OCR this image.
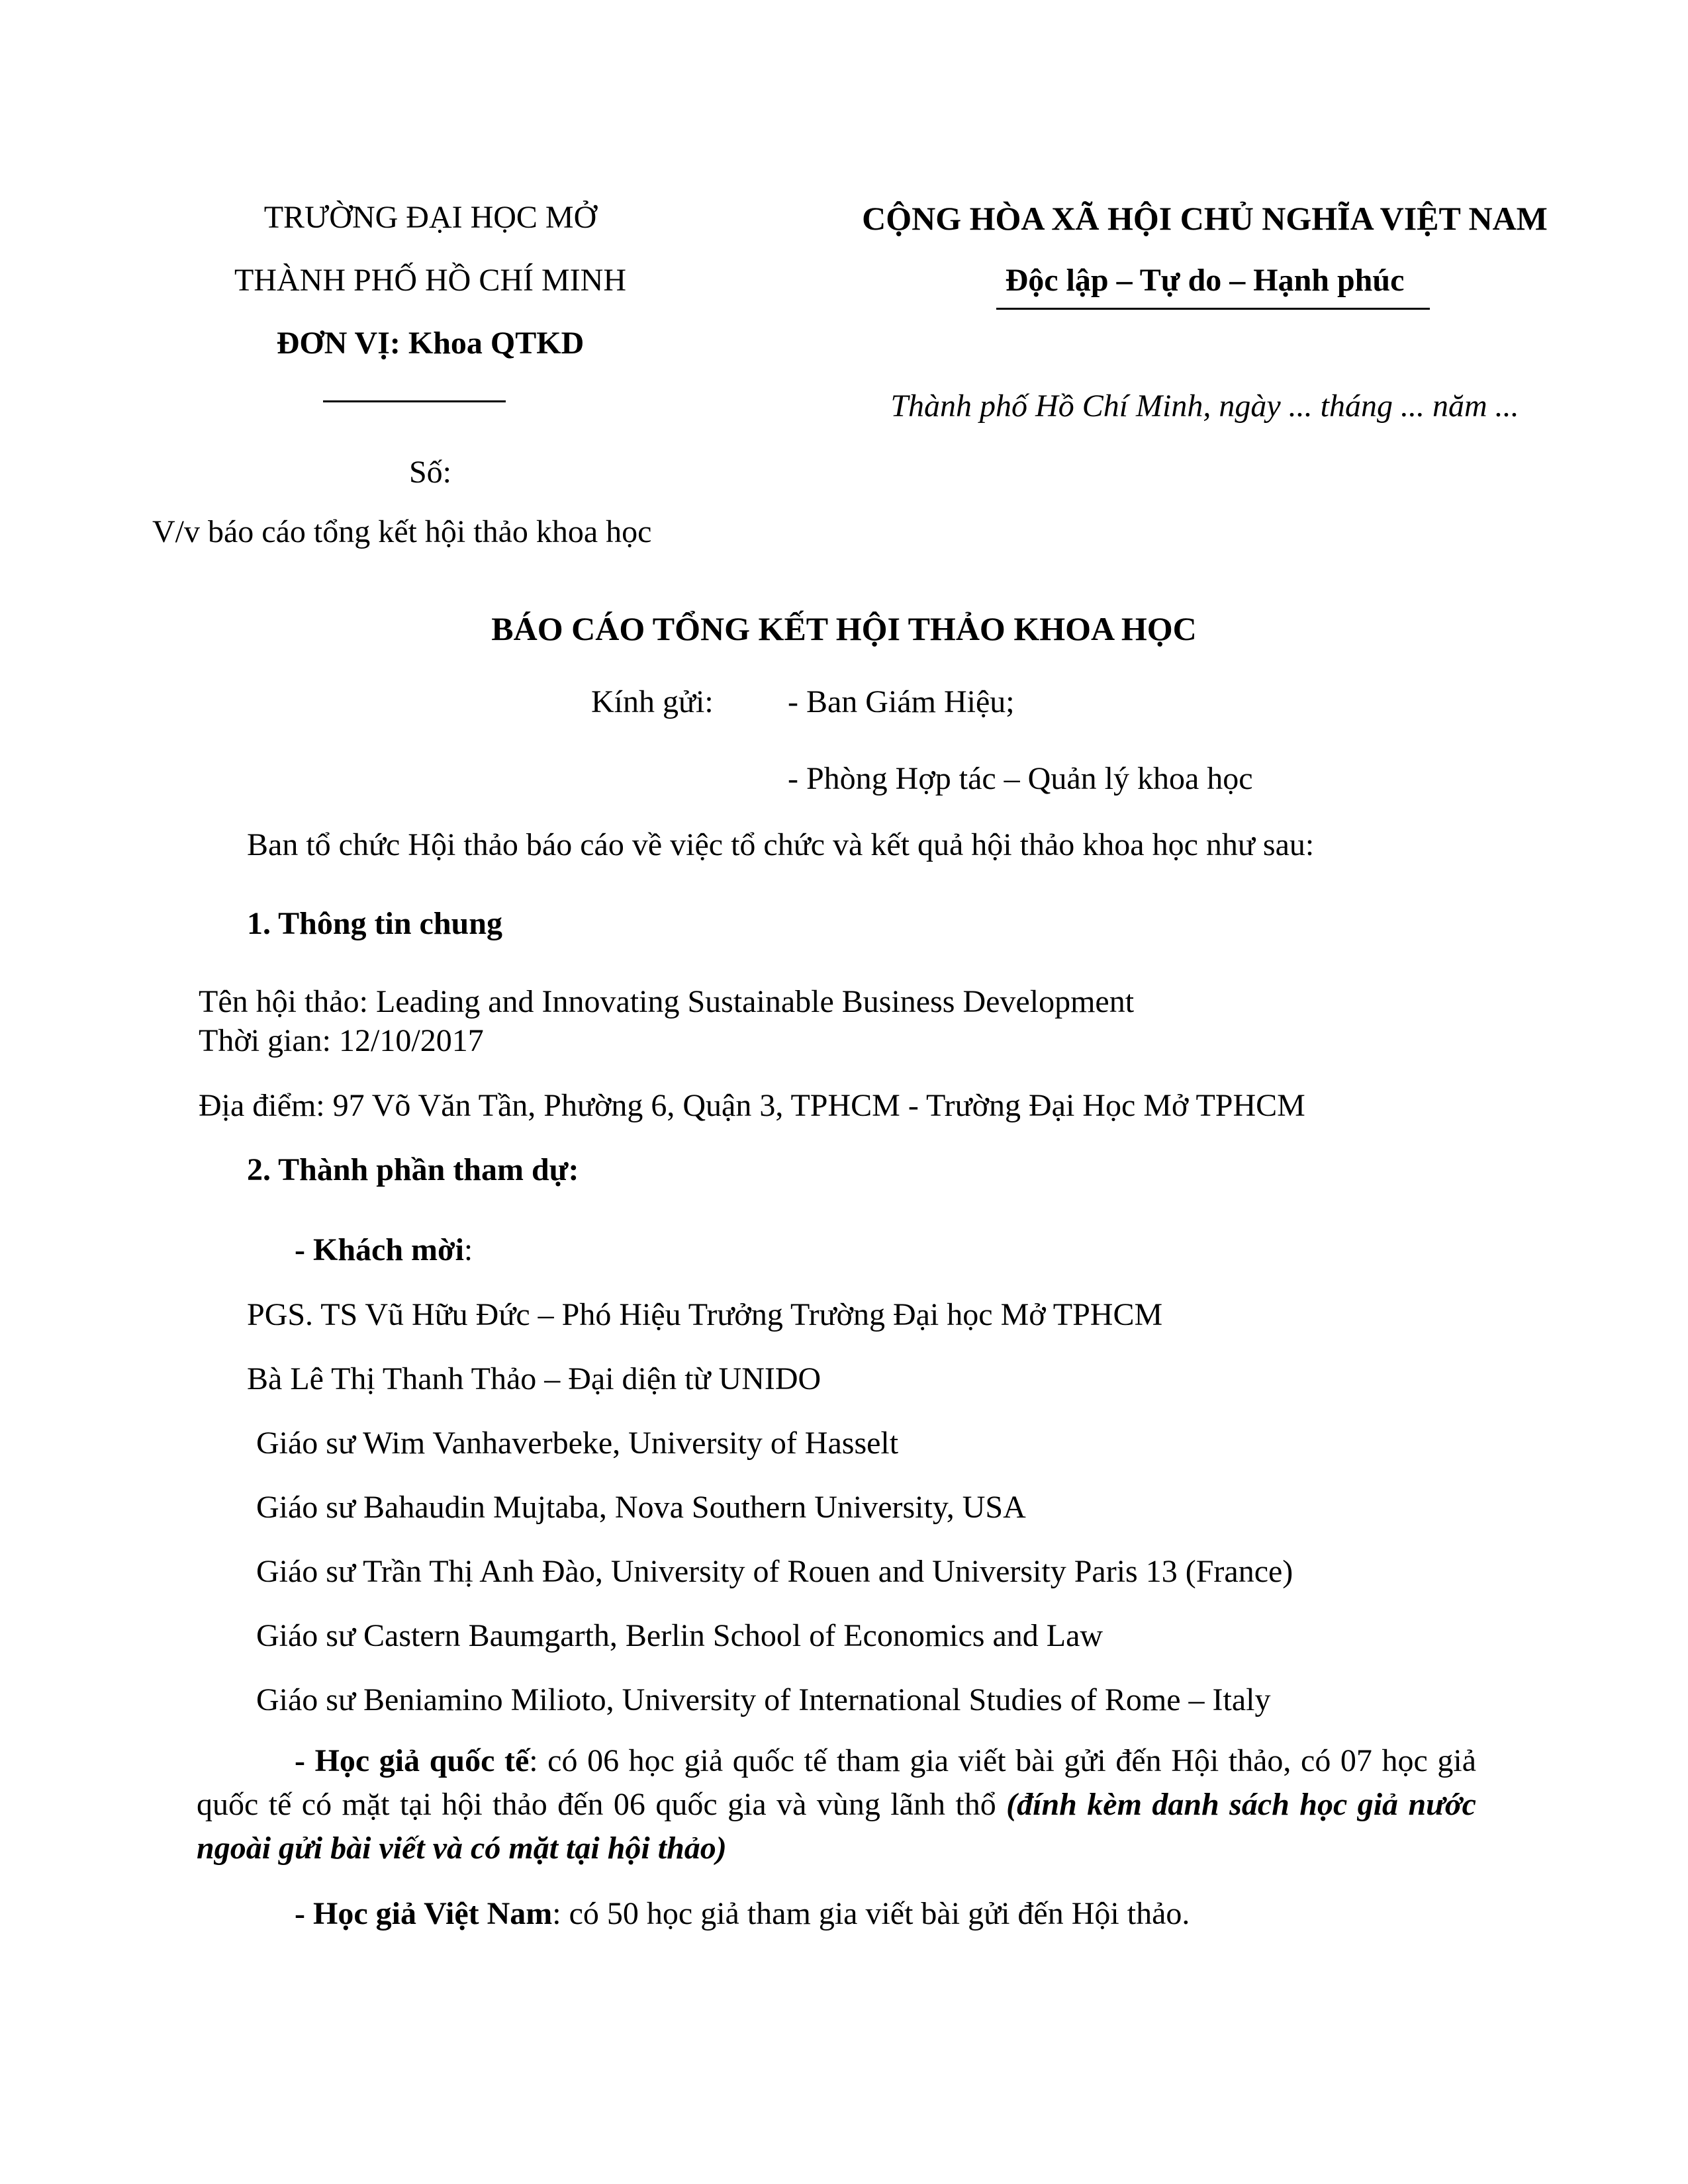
TRƯỜNG ĐẠI HỌC MỞ
THÀNH PHỐ HỒ CHÍ MINH
ĐƠN VỊ: Khoa QTKD
Số:
V/v báo cáo tổng kết hội thảo khoa học
CỘNG HÒA XÃ HỘI CHỦ NGHĨA VIỆT NAM
Độc lập – Tự do – Hạnh phúc
Thành phố Hồ Chí Minh, ngày ... tháng ... năm ...
BÁO CÁO TỔNG KẾT HỘI THẢO KHOA HỌC
Kính gửi: - Ban Giám Hiệu;
- Phòng Hợp tác – Quản lý khoa học
Ban tổ chức Hội thảo báo cáo về việc tổ chức và kết quả hội thảo khoa học như sau:
1. Thông tin chung
Tên hội thảo: Leading and Innovating Sustainable Business Development
Thời gian: 12/10/2017
Địa điểm: 97 Võ Văn Tần, Phường 6, Quận 3, TPHCM - Trường Đại Học Mở TPHCM
2. Thành phần tham dự:
- Khách mời:
PGS. TS Vũ Hữu Đức – Phó Hiệu Trưởng Trường Đại học Mở TPHCM
Bà Lê Thị Thanh Thảo – Đại diện từ UNIDO
Giáo sư Wim Vanhaverbeke, University of Hasselt
Giáo sư Bahaudin Mujtaba, Nova Southern University, USA
Giáo sư Trần Thị Anh Đào, University of Rouen and University Paris 13 (France)
Giáo sư Castern Baumgarth, Berlin School of Economics and Law
Giáo sư Beniamino Milioto, University of International Studies of Rome – Italy
- Học giả quốc tế: có 06 học giả quốc tế tham gia viết bài gửi đến Hội thảo, có 07 học giả quốc tế có mặt tại hội thảo đến 06 quốc gia và vùng lãnh thổ (đính kèm danh sách học giả nước ngoài gửi bài viết và có mặt tại hội thảo)
- Học giả Việt Nam: có 50 học giả tham gia viết bài gửi đến Hội thảo.
